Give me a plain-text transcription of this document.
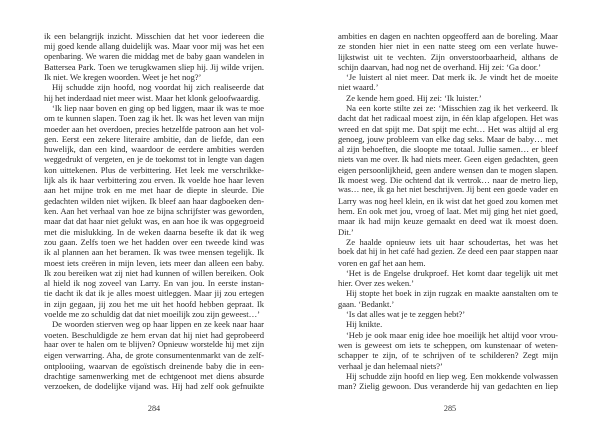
ik een belangrijk inzicht. Misschien dat het voor iedereen die
mij goed kende allang duidelijk was. Maar voor mij was het een
openbaring. We waren die middag met de baby gaan wandelen in
Battersea Park. Toen we terugkwamen sliep hij. Jij wilde vrijen.
Ik niet. We kregen woorden. Weet je het nog?’
Hij schudde zijn hoofd, nog voordat hij zich realiseerde dat
hij het inderdaad niet meer wist. Maar het klonk geloofwaardig.
‘Ik liep naar boven en ging op bed liggen, maar ik was te moe
om te kunnen slapen. Toen zag ik het. Ik was het leven van mijn
moeder aan het overdoen, precies hetzelfde patroon aan het vol-
gen. Eerst een zekere literaire ambitie, dan de liefde, dan een
huwelijk, dan een kind, waardoor de eerdere ambities werden
weggedrukt of vergeten, en je de toekomst tot in lengte van dagen
kon uittekenen. Plus de verbittering. Het leek me verschrikke-
lijk als ik haar verbittering zou erven. Ik voelde hoe haar leven
aan het mijne trok en me met haar de diepte in sleurde. Die
gedachten wilden niet wijken. Ik bleef aan haar dagboeken den-
ken. Aan het verhaal van hoe ze bijna schrijfster was geworden,
maar dat dat haar niet gelukt was, en aan hoe ik was opgegroeid
met die mislukking. In de weken daarna besefte ik dat ik weg
zou gaan. Zelfs toen we het hadden over een tweede kind was
ik al plannen aan het beramen. Ik was twee mensen tegelijk. Ik
moest iets creëren in mijn leven, iets meer dan alleen een baby.
Ik zou bereiken wat zij niet had kunnen of willen bereiken. Ook
al hield ik nog zoveel van Larry. En van jou. In eerste instan-
tie dacht ik dat ik je alles moest uitleggen. Maar jij zou ertegen
in zijn gegaan, jij zou het me uit het hoofd hebben gepraat. Ik
voelde me zo schuldig dat dat niet moeilijk zou zijn geweest…’
De woorden stierven weg op haar lippen en ze keek naar haar
voeten. Beschuldigde ze hem ervan dat hij niet had geprobeerd
haar over te halen om te blijven? Opnieuw worstelde hij met zijn
eigen verwarring. Aha, de grote consumentenmarkt van de zelf-
ontplooiing, waarvan de egoïstisch dreinende baby die in een-
drachtige samenwerking met de echtgenoot met diens absurde
verzoeken, de dodelijke vijand was. Hij had zelf ook gefnuikte
284
ambities en dagen en nachten opgeofferd aan de boreling. Maar
ze stonden hier niet in een natte steeg om een verlate huwe-
lijkstwist uit te vechten. Zijn onverstoorbaarheid, althans de
schijn daarvan, had nog net de overhand. Hij zei: ‘Ga door.’
‘Je luistert al niet meer. Dat merk ik. Je vindt het de moeite
niet waard.’
Ze kende hem goed. Hij zei: ‘Ik luister.’
Na een korte stilte zei ze: ‘Misschien zag ik het verkeerd. Ik
dacht dat het radicaal moest zijn, in één klap afgelopen. Het was
wreed en dat spijt me. Dat spijt me echt… Het was altijd al erg
genoeg, jouw probleem van elke dag seks. Maar de baby… met
al zijn behoeften, die sloopte me totaal. Jullie samen… er bleef
niets van me over. Ik had niets meer. Geen eigen gedachten, geen
eigen persoonlijkheid, geen andere wensen dan te mogen slapen.
Ik moest weg. Die ochtend dat ik vertrok… naar de metro liep,
was… nee, ik ga het niet beschrijven. Jij bent een goede vader en
Larry was nog heel klein, en ik wist dat het goed zou komen met
hem. En ook met jou, vroeg of laat. Met mij ging het niet goed,
maar ik had mijn keuze gemaakt en deed wat ik moest doen.
Dit.’
Ze haalde opnieuw iets uit haar schoudertas, het was het
boek dat hij in het café had gezien. Ze deed een paar stappen naar
voren en gaf het aan hem.
‘Het is de Engelse drukproef. Het komt daar tegelijk uit met
hier. Over zes weken.’
Hij stopte het boek in zijn rugzak en maakte aanstalten om te
gaan. ‘Bedankt.’
‘Is dat alles wat je te zeggen hebt?’
Hij knikte.
‘Heb je ook maar enig idee hoe moeilijk het altijd voor vrou-
wen is geweest om iets te scheppen, om kunstenaar of weten-
schapper te zijn, of te schrijven of te schilderen? Zegt mijn
verhaal je dan helemaal niets?’
Hij schudde zijn hoofd en liep weg. Een mokkende volwassen
man? Zielig gewoon. Dus veranderde hij van gedachten en liep
285
